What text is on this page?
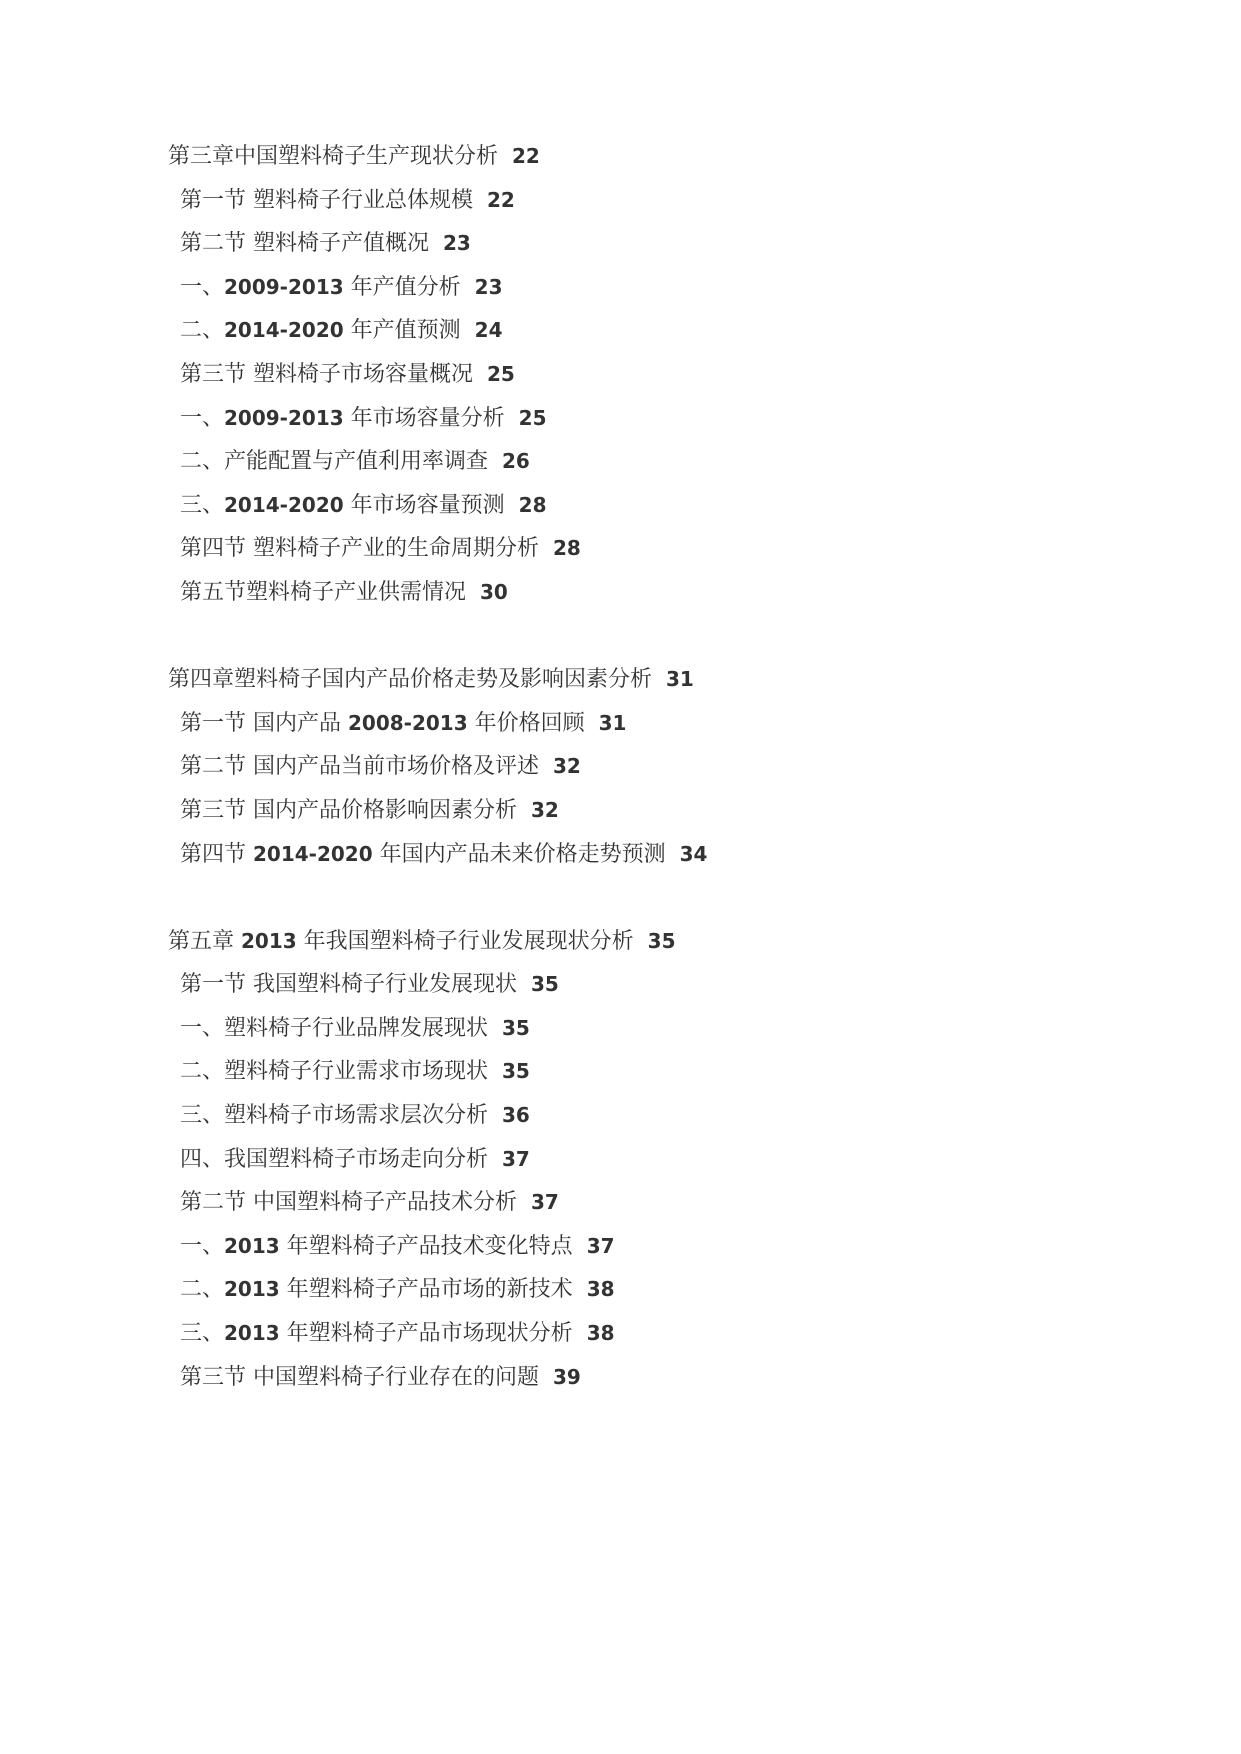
第三章中国塑料椅子生产现状分析 22
第一节 塑料椅子行业总体规模 22
第二节 塑料椅子产值概况 23
一、2009-2013 年产值分析 23
二、2014-2020 年产值预测 24
第三节 塑料椅子市场容量概况 25
一、2009-2013 年市场容量分析 25
二、产能配置与产值利用率调查 26
三、2014-2020 年市场容量预测 28
第四节 塑料椅子产业的生命周期分析 28
第五节塑料椅子产业供需情况 30
第四章塑料椅子国内产品价格走势及影响因素分析 31
第一节 国内产品 2008-2013 年价格回顾 31
第二节 国内产品当前市场价格及评述 32
第三节 国内产品价格影响因素分析 32
第四节 2014-2020 年国内产品未来价格走势预测 34
第五章 2013 年我国塑料椅子行业发展现状分析 35
第一节 我国塑料椅子行业发展现状 35
一、塑料椅子行业品牌发展现状 35
二、塑料椅子行业需求市场现状 35
三、塑料椅子市场需求层次分析 36
四、我国塑料椅子市场走向分析 37
第二节 中国塑料椅子产品技术分析 37
一、2013 年塑料椅子产品技术变化特点 37
二、2013 年塑料椅子产品市场的新技术 38
三、2013 年塑料椅子产品市场现状分析 38
第三节 中国塑料椅子行业存在的问题 39
